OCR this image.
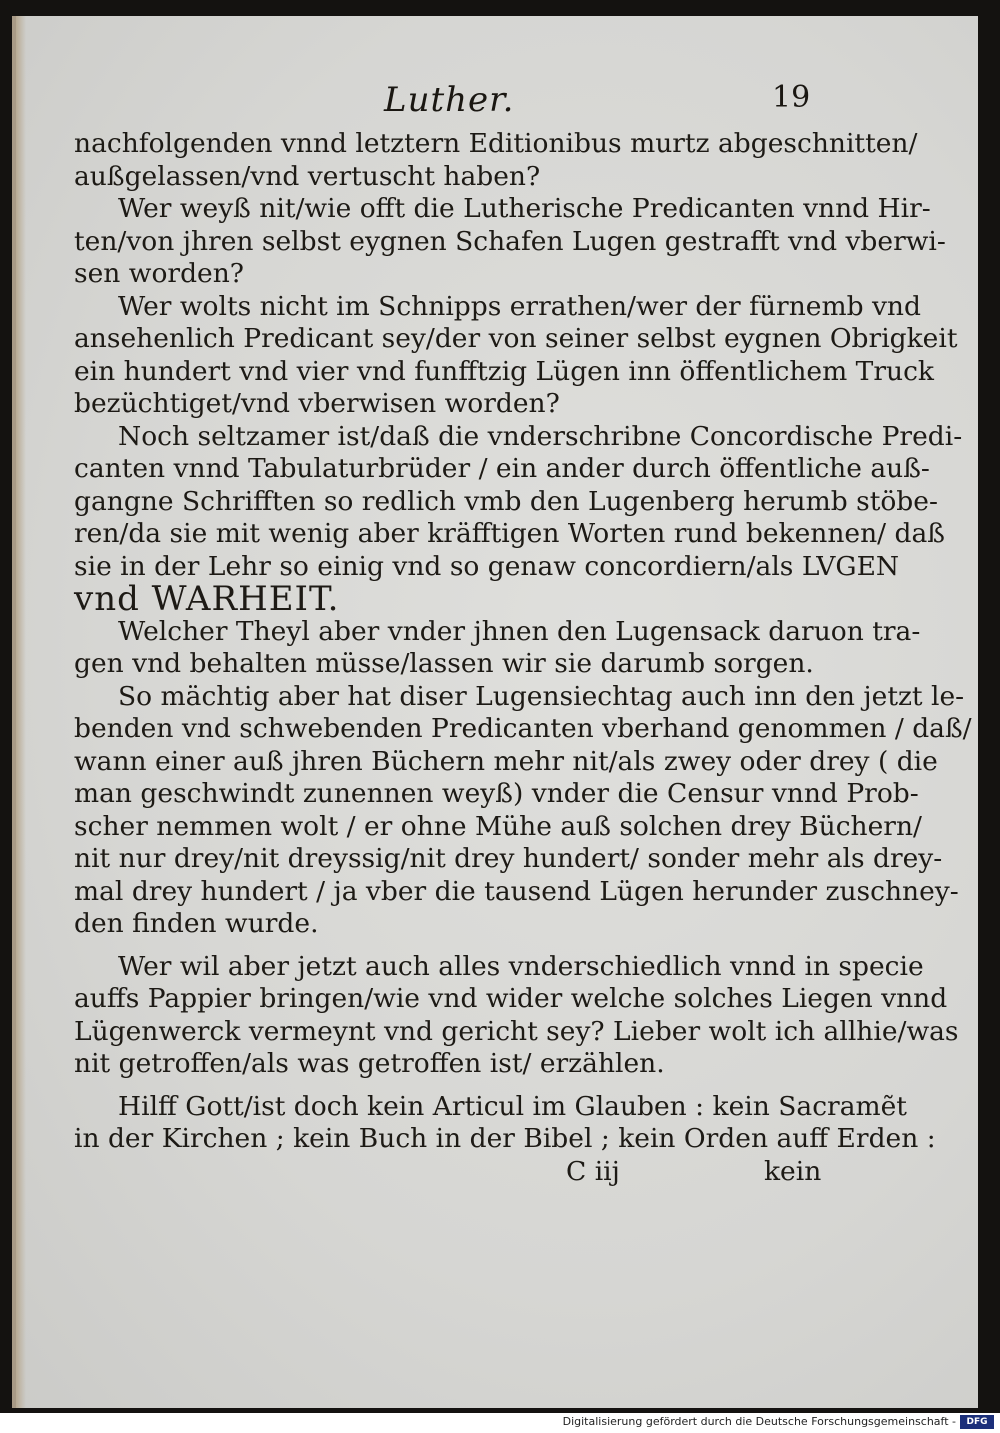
Luther.	19
nachfolgenden vnnd letztern Editionibus murtz abgeschnitten/
außgelassen/vnd vertuscht haben?
Wer weyß nit/wie offt die Lutherische Predicanten vnnd Hir-
ten/von jhren selbst eygnen Schafen Lugen gestrafft vnd vberwi-
sen worden?
Wer wolts nicht im Schnipps errathen/wer der fürnemb vnd
ansehenlich Predicant sey/der von seiner selbst eygnen Obrigkeit
ein hundert vnd vier vnd funfftzig Lügen inn öffentlichem Truck
bezüchtiget/vnd vberwisen worden?
Noch seltzamer ist/daß die vnderschribne Concordische Predi-
canten vnnd Tabulaturbrüder / ein ander durch öffentliche auß-
gangne Schrifften so redlich vmb den Lugenberg herumb stöbe-
ren/da sie mit wenig aber kräfftigen Worten rund bekennen/ daß
sie in der Lehr so einig vnd so genaw concordiern/als LVGEN
vnd WARHEIT.
Welcher Theyl aber vnder jhnen den Lugensack daruon tra-
gen vnd behalten müsse/lassen wir sie darumb sorgen.
So mächtig aber hat diser Lugensiechtag auch inn den jetzt le-
benden vnd schwebenden Predicanten vberhand genommen / daß/
wann einer auß jhren Büchern mehr nit/als zwey oder drey ( die
man geschwindt zunennen weyß) vnder die Censur vnnd Prob-
scher nemmen wolt / er ohne Mühe auß solchen drey Büchern/
nit nur drey/nit dreyssig/nit drey hundert/ sonder mehr als drey-
mal drey hundert / ja vber die tausend Lügen herunder zuschney-
den finden wurde.
Wer wil aber jetzt auch alles vnderschiedlich vnnd in specie
auffs Pappier bringen/wie vnd wider welche solches Liegen vnnd
Lügenwerck vermeynt vnd gericht sey? Lieber wolt ich allhie/was
nit getroffen/als was getroffen ist/ erzählen.
Hilff Gott/ist doch kein Articul im Glauben : kein Sacramẽt
in der Kirchen ; kein Buch in der Bibel ; kein Orden auff Erden :
C iij	kein
Digitalisierung gefördert durch die Deutsche Forschungsgemeinschaft -	DFG
